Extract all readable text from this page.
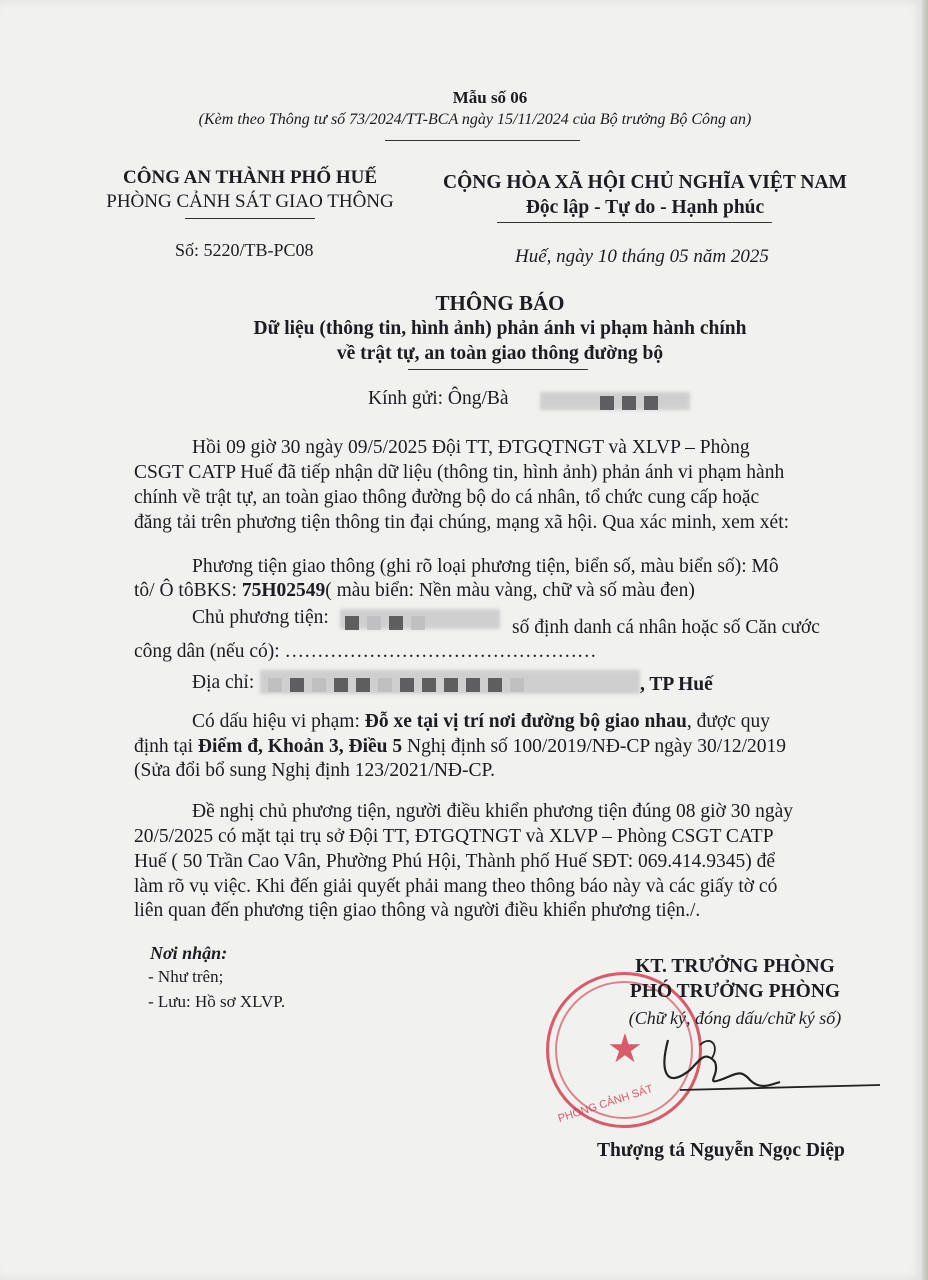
Mẫu số 06
(Kèm theo Thông tư số 73/2024/TT-BCA ngày 15/11/2024 của Bộ trưởng Bộ Công an)
CÔNG AN THÀNH PHỐ HUẾ
PHÒNG CẢNH SÁT GIAO THÔNG
Số: 5220/TB-PC08
CỘNG HÒA XÃ HỘI CHỦ NGHĨA VIỆT NAM
Độc lập - Tự do - Hạnh phúc
Huế, ngày 10 tháng 05 năm 2025
THÔNG BÁO
Dữ liệu (thông tin, hình ảnh) phản ánh vi phạm hành chính
về trật tự, an toàn giao thông đường bộ
Kính gửi: Ông/Bà
Hồi 09 giờ 30 ngày 09/5/2025 Đội TT, ĐTGQTNGT và XLVP – Phòng
CSGT CATP Huế đã tiếp nhận dữ liệu (thông tin, hình ảnh) phản ánh vi phạm hành
chính về trật tự, an toàn giao thông đường bộ do cá nhân, tổ chức cung cấp hoặc
đăng tải trên phương tiện thông tin đại chúng, mạng xã hội. Qua xác minh, xem xét:
Phương tiện giao thông (ghi rõ loại phương tiện, biển số, màu biển số): Mô
tô/ Ô tôBKS: 75H02549( màu biển: Nền màu vàng, chữ và số màu đen)
Chủ phương tiện:	số định danh cá nhân hoặc số Căn cước
công dân (nếu có): …………………………………………
Địa chỉ:	, TP Huế
Có dấu hiệu vi phạm: Đỗ xe tại vị trí nơi đường bộ giao nhau, được quy
định tại Điểm đ, Khoản 3, Điều 5 Nghị định số 100/2019/NĐ-CP ngày 30/12/2019
(Sửa đổi bổ sung Nghị định 123/2021/NĐ-CP.
Đề nghị chủ phương tiện, người điều khiển phương tiện đúng 08 giờ 30 ngày
20/5/2025 có mặt tại trụ sở Đội TT, ĐTGQTNGT và XLVP – Phòng CSGT CATP
Huế ( 50 Trần Cao Vân, Phường Phú Hội, Thành phố Huế SĐT: 069.414.9345) để
làm rõ vụ việc. Khi đến giải quyết phải mang theo thông báo này và các giấy tờ có
liên quan đến phương tiện giao thông và người điều khiển phương tiện./.
Nơi nhận:
- Như trên;
- Lưu: Hồ sơ XLVP.
★
PHÒNG CẢNH SÁT
KT. TRƯỞNG PHÒNG
PHÓ TRƯỞNG PHÒNG
(Chữ ký, đóng dấu/chữ ký số)
Thượng tá Nguyễn Ngọc Diệp
